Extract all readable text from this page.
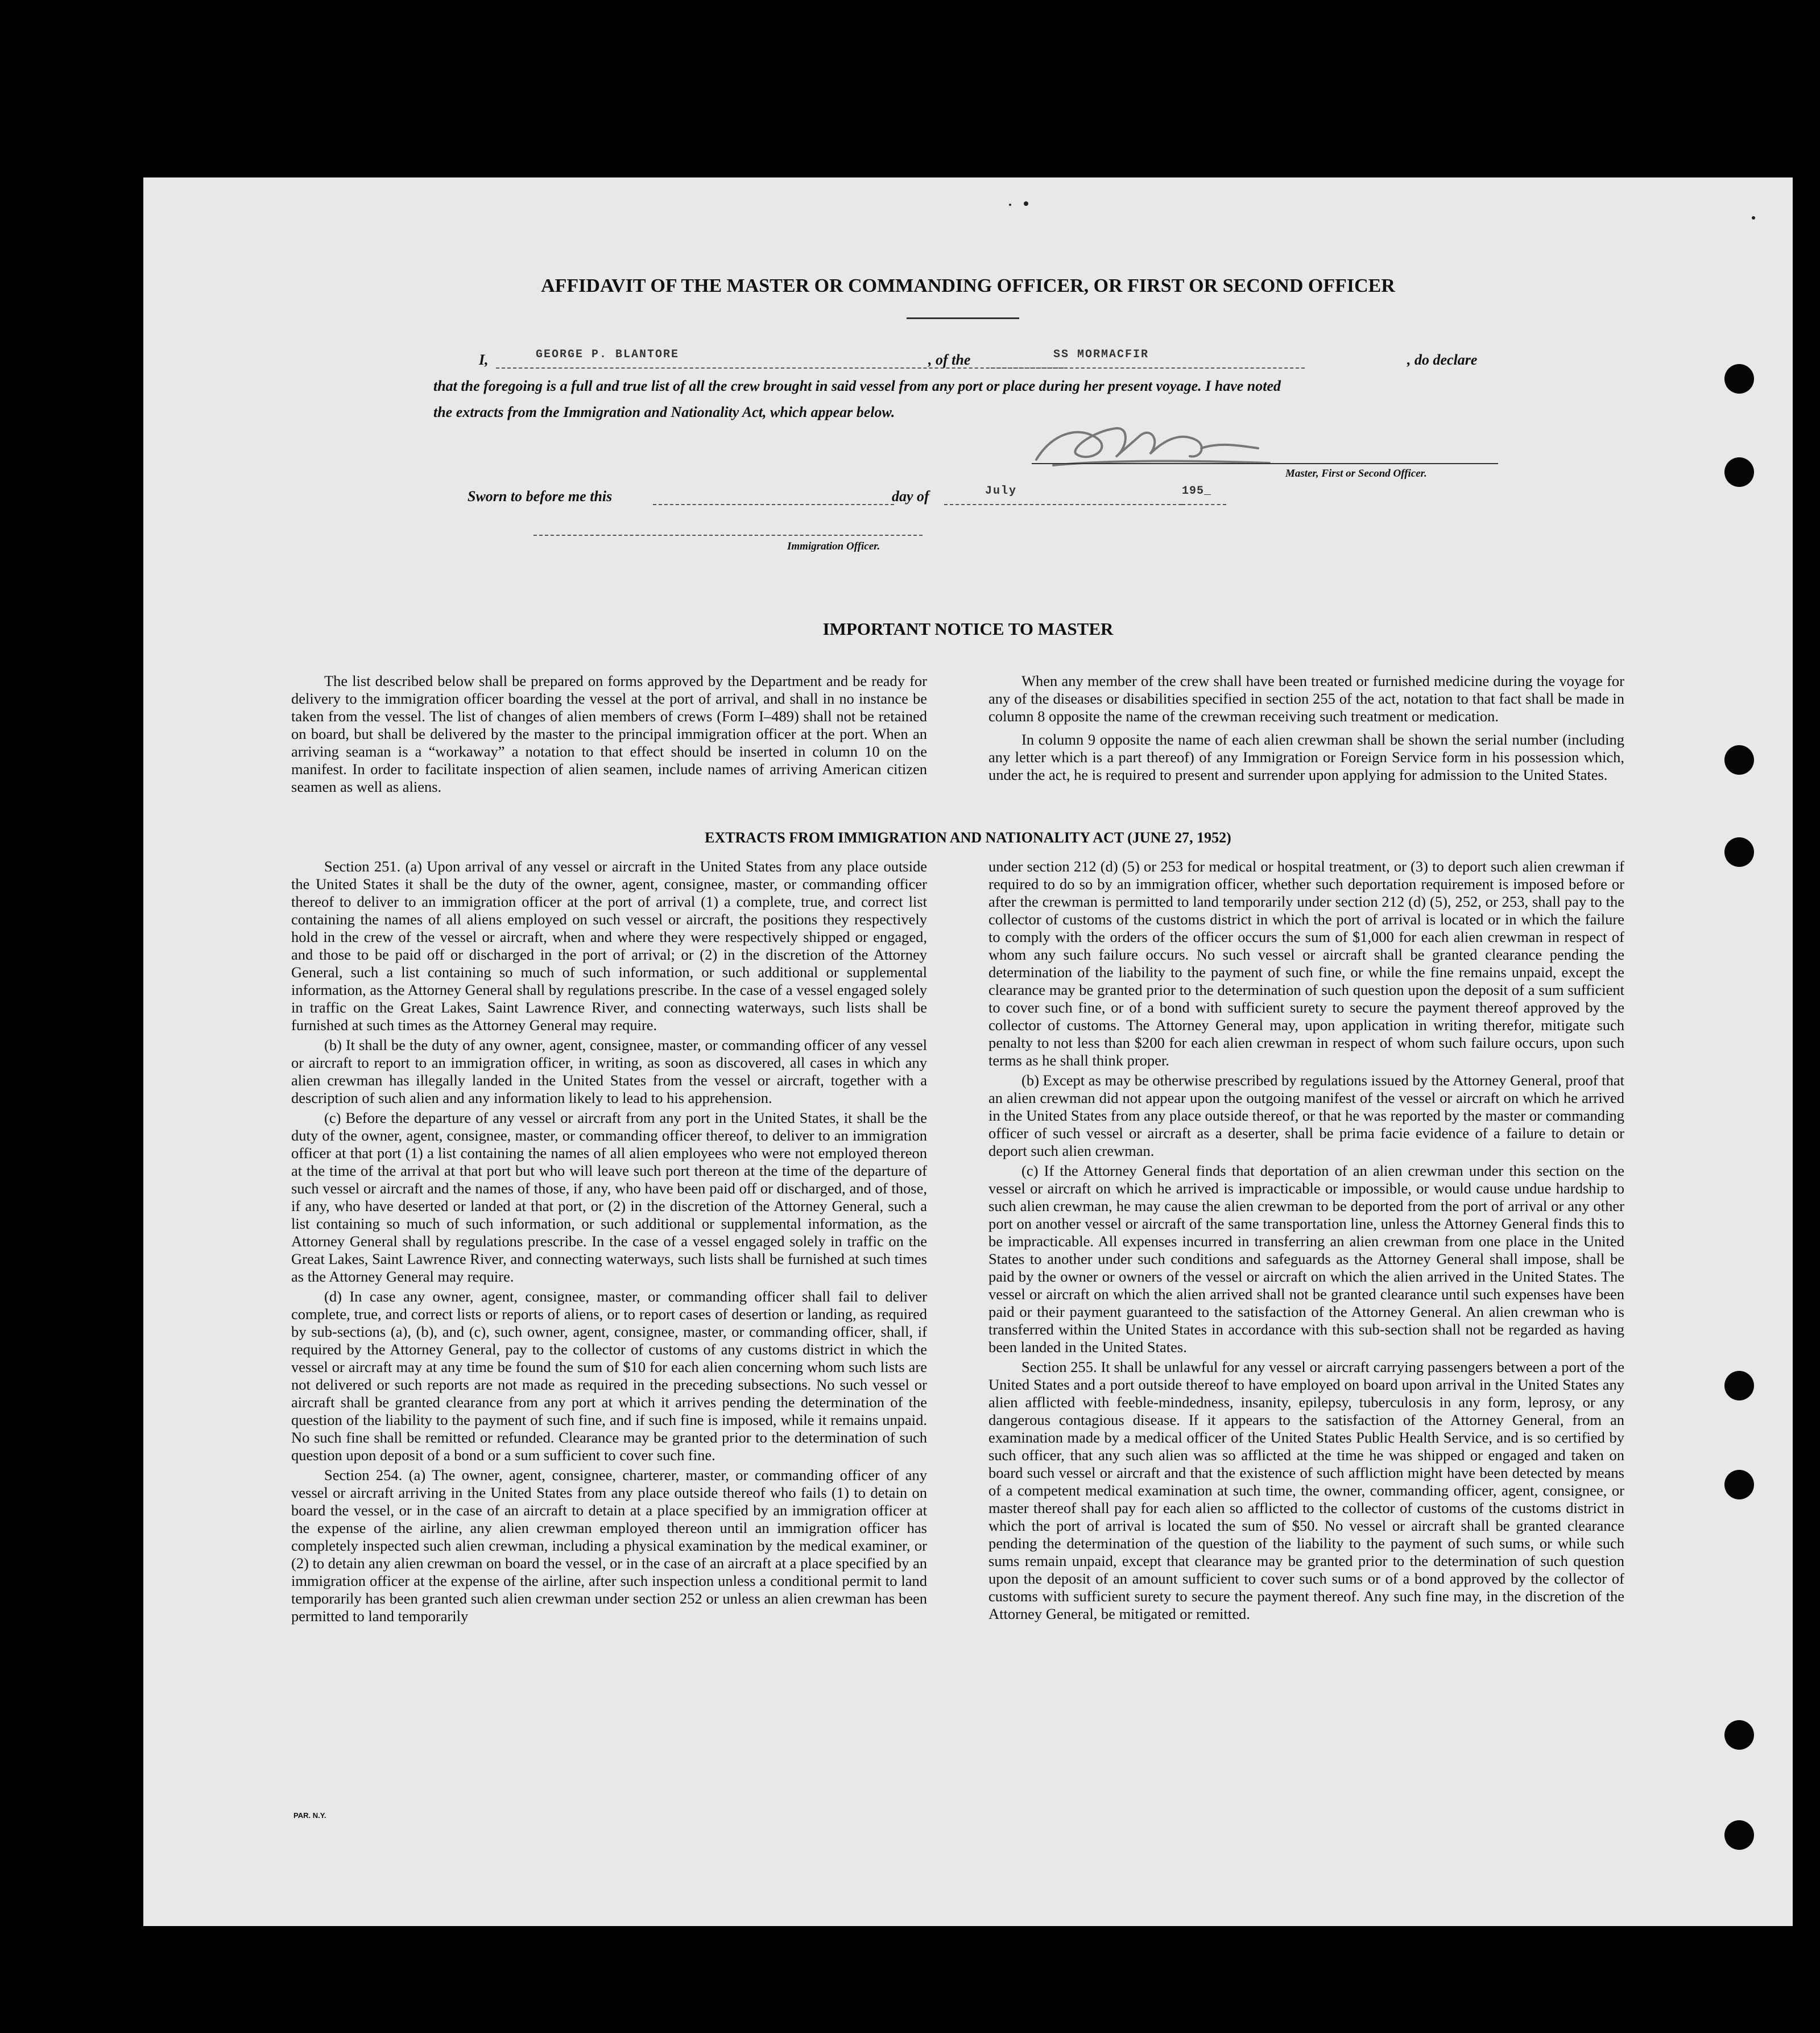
AFFIDAVIT OF THE MASTER OR COMMANDING OFFICER, OR FIRST OR SECOND OFFICER
I,	GEORGE P. BLANTORE	, of the	SS MORMACFIR	, do declare
that the foregoing is a full and true list of all the crew brought in said vessel from any port or place during her present voyage. I have noted
the extracts from the Immigration and Nationality Act, which appear below.
Master, First or Second Officer.
Sworn to before me this	day of	July	195_
Immigration Officer.
IMPORTANT NOTICE TO MASTER

The list described below shall be prepared on forms approved by the Department and be ready for delivery to the immigration officer boarding the vessel at the port of arrival, and shall in no instance be taken from the vessel. The list of changes of alien members of crews (Form I–489) shall not be retained on board, but shall be delivered by the master to the principal immigration officer at the port. When an arriving seaman is a “workaway” a notation to that effect should be inserted in column 10 on the manifest. In order to facilitate inspection of alien seamen, include names of arriving American citizen seamen as well as aliens.

When any member of the crew shall have been treated or furnished medicine during the voyage for any of the diseases or disabilities specified in section 255 of the act, notation to that fact shall be made in column 8 opposite the name of the crewman receiving such treatment or medication.

In column 9 opposite the name of each alien crewman shall be shown the serial number (including any letter which is a part thereof) of any Immigration or Foreign Service form in his possession which, under the act, he is required to present and surrender upon applying for admission to the United States.

EXTRACTS FROM IMMIGRATION AND NATIONALITY ACT (JUNE 27, 1952)

Section 251. (a) Upon arrival of any vessel or aircraft in the United States from any place outside the United States it shall be the duty of the owner, agent, consignee, master, or commanding officer thereof to deliver to an immigration officer at the port of arrival (1) a complete, true, and correct list containing the names of all aliens employed on such vessel or aircraft, the positions they respectively hold in the crew of the vessel or aircraft, when and where they were respectively shipped or engaged, and those to be paid off or discharged in the port of arrival; or (2) in the discretion of the Attorney General, such a list containing so much of such information, or such additional or supplemental information, as the Attorney General shall by regulations prescribe. In the case of a vessel engaged solely in traffic on the Great Lakes, Saint Lawrence River, and connecting waterways, such lists shall be furnished at such times as the Attorney General may require.

(b) It shall be the duty of any owner, agent, consignee, master, or commanding officer of any vessel or aircraft to report to an immigration officer, in writing, as soon as discovered, all cases in which any alien crewman has illegally landed in the United States from the vessel or aircraft, together with a description of such alien and any information likely to lead to his apprehension.

(c) Before the departure of any vessel or aircraft from any port in the United States, it shall be the duty of the owner, agent, consignee, master, or commanding officer thereof, to deliver to an immigration officer at that port (1) a list containing the names of all alien employees who were not employed thereon at the time of the arrival at that port but who will leave such port thereon at the time of the departure of such vessel or aircraft and the names of those, if any, who have been paid off or discharged, and of those, if any, who have deserted or landed at that port, or (2) in the discretion of the Attorney General, such a list containing so much of such information, or such additional or supplemental information, as the Attorney General shall by regulations prescribe. In the case of a vessel engaged solely in traffic on the Great Lakes, Saint Lawrence River, and connecting waterways, such lists shall be furnished at such times as the Attorney General may require.

(d) In case any owner, agent, consignee, master, or commanding officer shall fail to deliver complete, true, and correct lists or reports of aliens, or to report cases of desertion or landing, as required by sub-sections (a), (b), and (c), such owner, agent, consignee, master, or commanding officer, shall, if required by the Attorney General, pay to the collector of customs of any customs district in which the vessel or aircraft may at any time be found the sum of $10 for each alien concerning whom such lists are not delivered or such reports are not made as required in the preceding subsections. No such vessel or aircraft shall be granted clearance from any port at which it arrives pending the determination of the question of the liability to the payment of such fine, and if such fine is imposed, while it remains unpaid. No such fine shall be remitted or refunded. Clearance may be granted prior to the determination of such question upon deposit of a bond or a sum sufficient to cover such fine.

Section 254. (a) The owner, agent, consignee, charterer, master, or commanding officer of any vessel or aircraft arriving in the United States from any place outside thereof who fails (1) to detain on board the vessel, or in the case of an aircraft to detain at a place specified by an immigration officer at the expense of the airline, any alien crewman employed thereon until an immigration officer has completely inspected such alien crewman, including a physical examination by the medical examiner, or (2) to detain any alien crewman on board the vessel, or in the case of an aircraft at a place specified by an immigration officer at the expense of the airline, after such inspection unless a conditional permit to land temporarily has been granted such alien crewman under section 252 or unless an alien crewman has been permitted to land temporarily

under section 212 (d) (5) or 253 for medical or hospital treatment, or (3) to deport such alien crewman if required to do so by an immigration officer, whether such deportation requirement is imposed before or after the crewman is permitted to land temporarily under section 212 (d) (5), 252, or 253, shall pay to the collector of customs of the customs district in which the port of arrival is located or in which the failure to comply with the orders of the officer occurs the sum of $1,000 for each alien crewman in respect of whom any such failure occurs. No such vessel or aircraft shall be granted clearance pending the determination of the liability to the payment of such fine, or while the fine remains unpaid, except the clearance may be granted prior to the determination of such question upon the deposit of a sum sufficient to cover such fine, or of a bond with sufficient surety to secure the payment thereof approved by the collector of customs. The Attorney General may, upon application in writing therefor, mitigate such penalty to not less than $200 for each alien crewman in respect of whom such failure occurs, upon such terms as he shall think proper.

(b) Except as may be otherwise prescribed by regulations issued by the Attorney General, proof that an alien crewman did not appear upon the outgoing manifest of the vessel or aircraft on which he arrived in the United States from any place outside thereof, or that he was reported by the master or commanding officer of such vessel or aircraft as a deserter, shall be prima facie evidence of a failure to detain or deport such alien crewman.

(c) If the Attorney General finds that deportation of an alien crewman under this section on the vessel or aircraft on which he arrived is impracticable or impossible, or would cause undue hardship to such alien crewman, he may cause the alien crewman to be deported from the port of arrival or any other port on another vessel or aircraft of the same transportation line, unless the Attorney General finds this to be impracticable. All expenses incurred in transferring an alien crewman from one place in the United States to another under such conditions and safeguards as the Attorney General shall impose, shall be paid by the owner or owners of the vessel or aircraft on which the alien arrived in the United States. The vessel or aircraft on which the alien arrived shall not be granted clearance until such expenses have been paid or their payment guaranteed to the satisfaction of the Attorney General. An alien crewman who is transferred within the United States in accordance with this sub-section shall not be regarded as having been landed in the United States.

Section 255. It shall be unlawful for any vessel or aircraft carrying passengers between a port of the United States and a port outside thereof to have employed on board upon arrival in the United States any alien afflicted with feeble-mindedness, insanity, epilepsy, tuberculosis in any form, leprosy, or any dangerous contagious disease. If it appears to the satisfaction of the Attorney General, from an examination made by a medical officer of the United States Public Health Service, and is so certified by such officer, that any such alien was so afflicted at the time he was shipped or engaged and taken on board such vessel or aircraft and that the existence of such affliction might have been detected by means of a competent medical examination at such time, the owner, commanding officer, agent, consignee, or master thereof shall pay for each alien so afflicted to the collector of customs of the customs district in which the port of arrival is located the sum of $50. No vessel or aircraft shall be granted clearance pending the determination of the question of the liability to the payment of such sums, or while such sums remain unpaid, except that clearance may be granted prior to the determination of such question upon the deposit of an amount sufficient to cover such sums or of a bond approved by the collector of customs with sufficient surety to secure the payment thereof. Any such fine may, in the discretion of the Attorney General, be mitigated or remitted.

PAR. N.Y.
